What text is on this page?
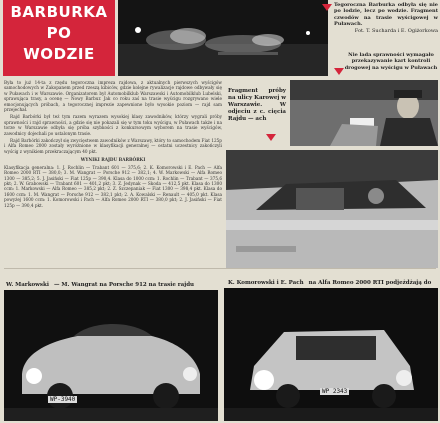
BARBURKA
PO
WODZIE
Tegoroczna Barburka odbyła się nie po lodzie, lecz po wodzie. Fragment czwodów na trasie wyścigowej w Puławach.
Fot. T. Sucharda i E. Ogiżorkowa
Nie lada sprawności wymagało przekazywanie kart kontroli drogowej na wyścigu w Puławach
Była to już 14-ta z rzędu tegoroczna impreza rajdowa, z aktualnych pierwszych wyścigów samochodowych w Zakopanem przed rzeszą kibiców, gdzie kolejne rywalizacje rajdowe odbywały się w Puławach i w Warszawie. Organizatorem był Automobilklub Warszawski i Automobilklub Lubelski, sprawująca trasy, a ocenę — Nowy Barbur. Jak co roku zaś na trasie wyścigu rozgrywano wiele emocjonujących próbach, a tegorocznej imprezie zapewnione było wysokie poziom — rajd sam przejechał.
Rajd Barbórki był też tym razem wyrazem wysokiej klasy zawodników, którzy wygrali próby sprawności i rajd sprawności, a gdzie się nie pokazali się w tym toku wyścigu, w Puławach także i na torze w Warszawie odbyła się próba szybkości z konkursowym wyborem na trasie wyścigów, zawodnicy dojechali po ustalonym trasie.
Rajd Barbórki zakończył się zwycięstwem zawodników z Warszawy, który to samochodem Fiat 125p i Alfa Romeo 2000 zostały wyróżnione w klasyfikacji generalnej — ostatni uczestnicy zakończyli wyścig z wynikiem przekraczającym 40 pkt.
WYNIKI RAJDU BARBÓRKI
Klasyfikacja generalna: 1. J. Rochlin — Trabant 601 — 375,6; 2. K. Komorowski i E. Pach — Alfa Romeo 2000 RTI — 380,0; 3. M. Wangrat — Porsche 912 — 382,1; 4. W. Markowski — Alfa Romeo 1300 — 385,2; 5. J. Jasiński — Fiat 125p — 390,4. Klasa do 1000 ccm: 1. Rochlin — Trabant — 375,6 pkt; 2. W. Grabowski — Trabant 601 — 401,2 pkt; 3. Z. Jedynak — Skoda — 412,5 pkt. Klasa do 1300 ccm: 1. Markowski — Alfa Romeo — 385,2 pkt; 2. Z. Szczepaniak — Fiat 1300 — 398,4 pkt. Klasa do 1600 ccm: 1. M. Wangrat — Porsche 912 — 382,1 pkt; 2. A. Kowalski — Renault — 405,0 pkt. Klasa powyżej 1600 ccm: 1. Komorowski i Pach — Alfa Romeo 2000 RTI — 380,0 pkt; 2. J. Jasiński — Fiat 125p — 390,4 pkt.
Fragment próby na ulicy Karowej w Warszawie. W odjeciu z c. cięcia Rajdu — ach
W. Markowski — M. Wangrat na Porsche 912 na trasie rajdu	K. Komorowski i E. Pach na Alfa Romeo 2000 RTI podjeżdżają do
WP-3940
WP 2343
